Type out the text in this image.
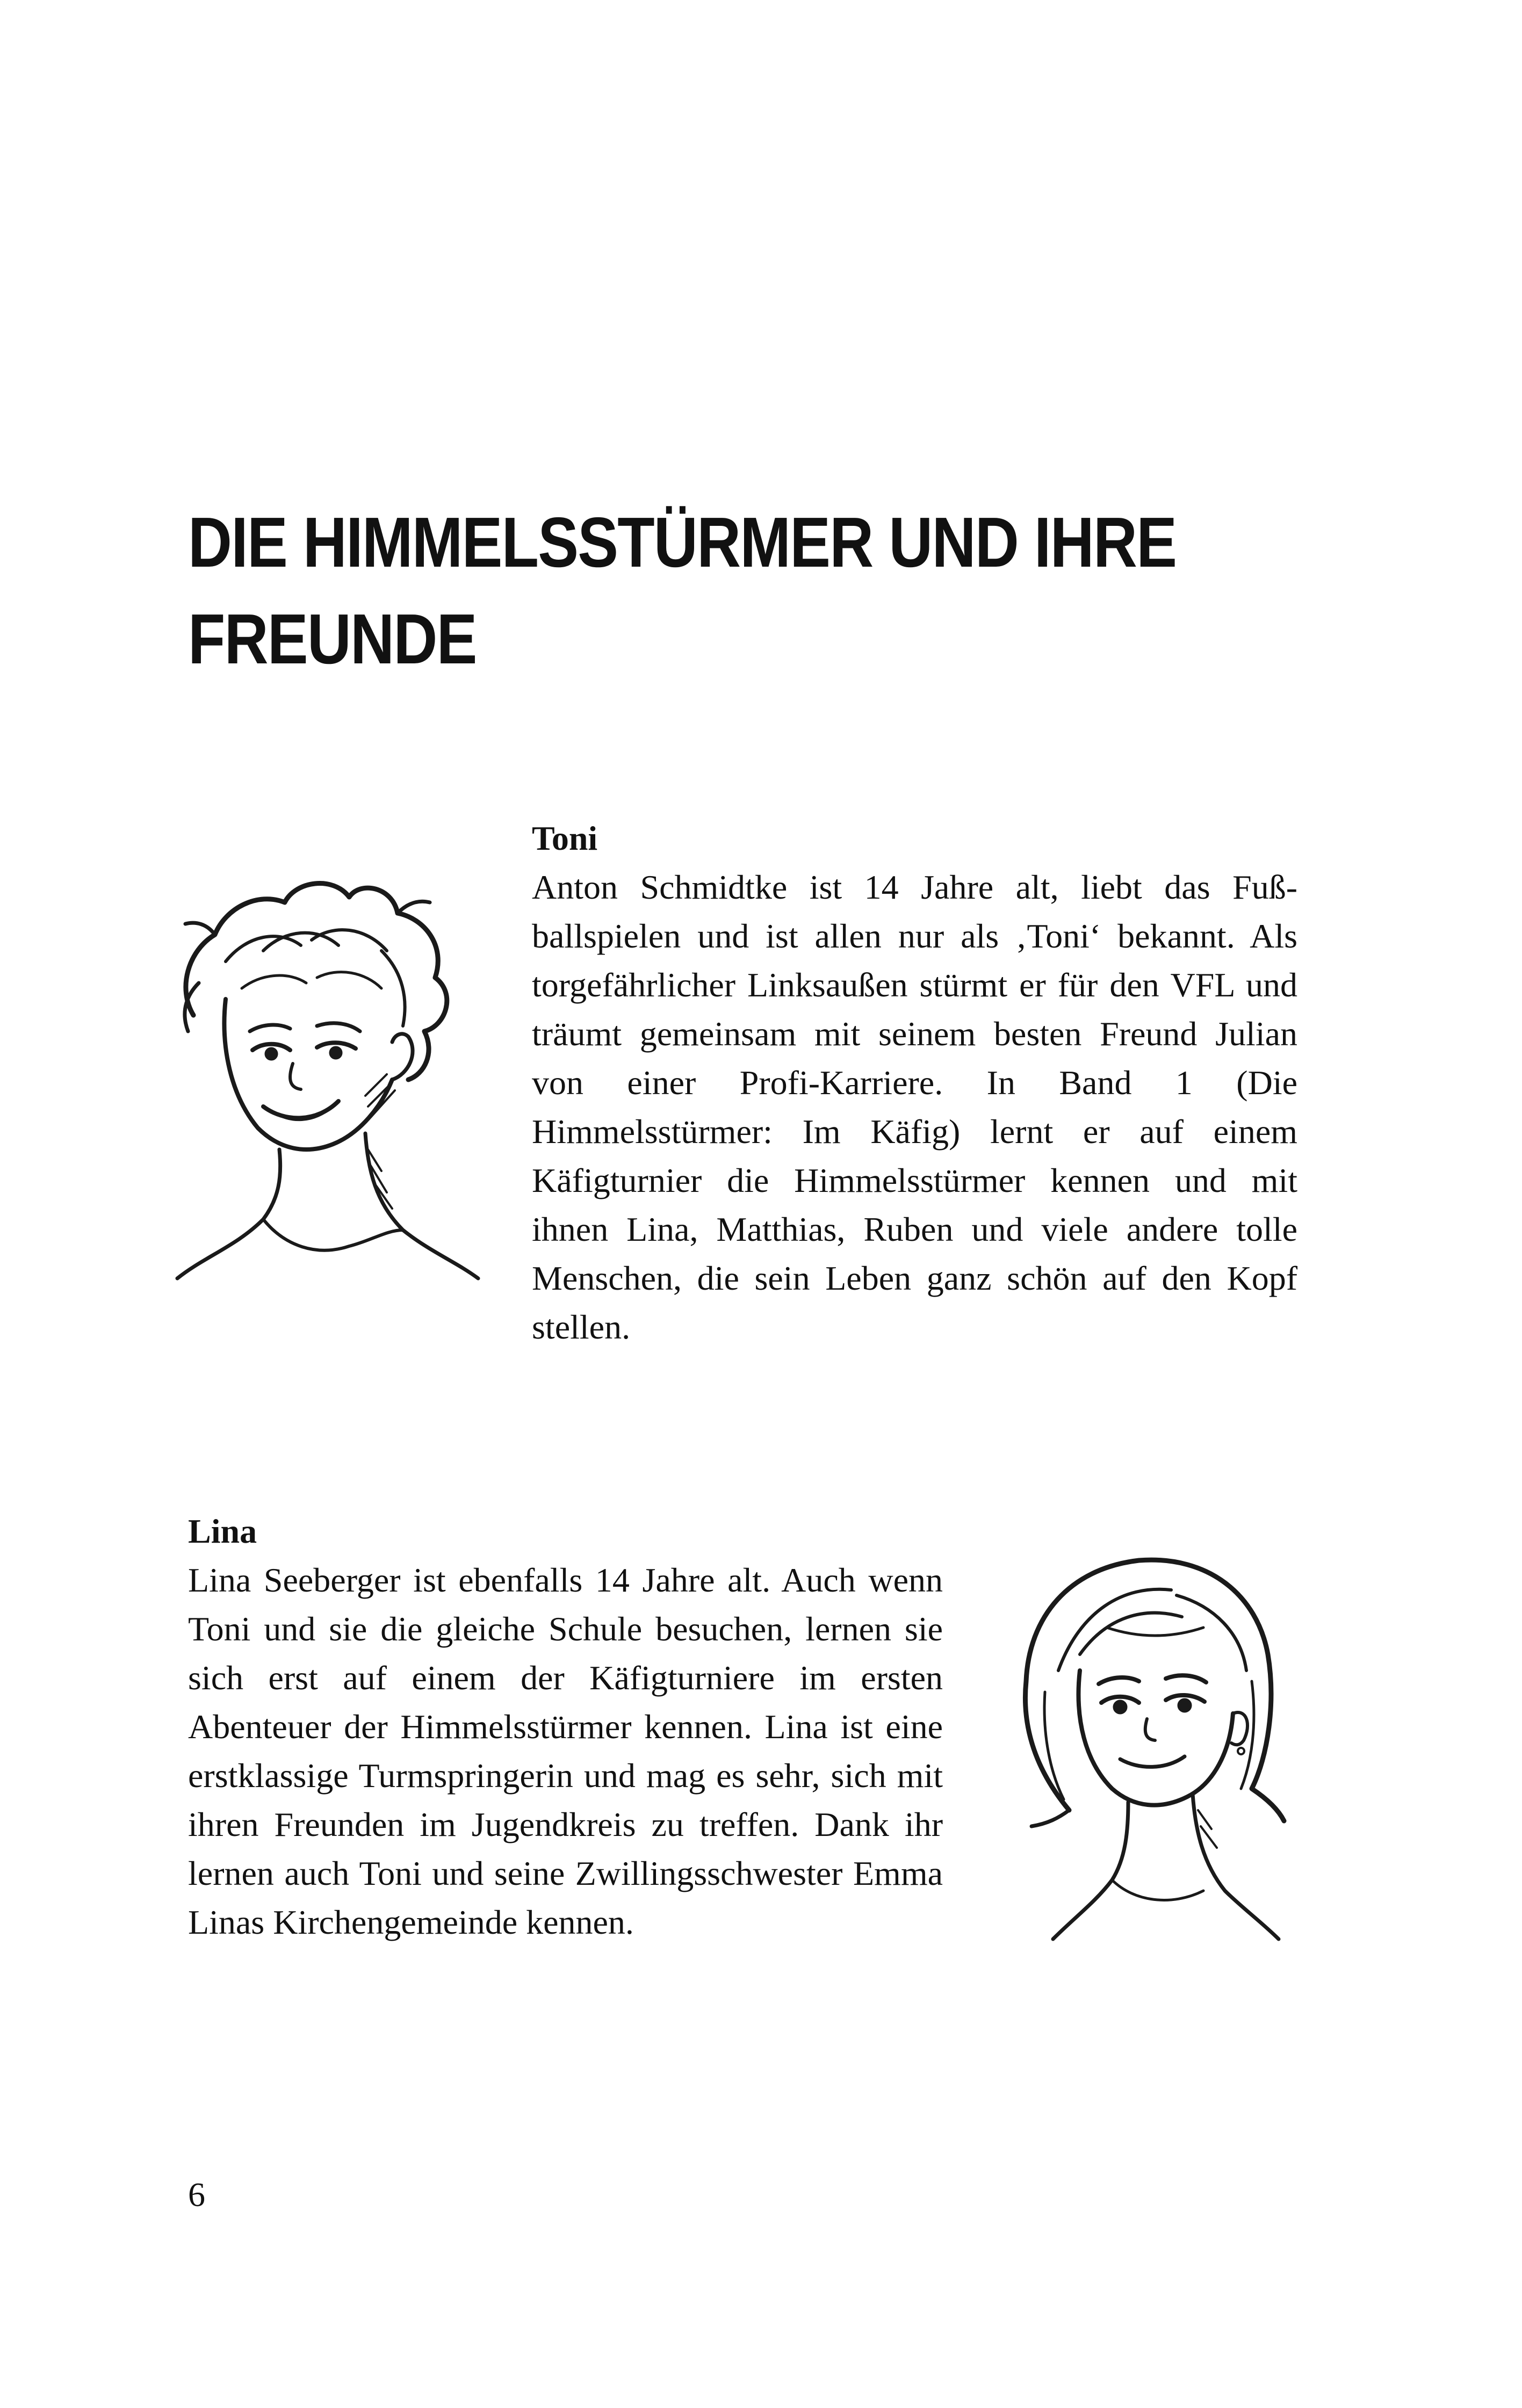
DIE HIMMELSSTÜRMER UND IHRE FREUNDE
Toni

Anton Schmidtke ist 14 Jahre alt, liebt das Fußballspielen und ist allen nur als ‚Toni‘ bekannt. Als torgefährlicher Linksaußen stürmt er für den VFL und träumt gemeinsam mit seinem besten Freund Julian von einer Profi-Karriere. In Band 1 (Die Himmelsstürmer: Im Käfig) lernt er auf einem Käfigturnier die Himmelsstürmer kennen und mit ihnen Lina, Matthias, Ruben und viele andere tolle Menschen, die sein Leben ganz schön auf den Kopf stellen.

Lina

Lina Seeberger ist ebenfalls 14 Jahre alt. Auch wenn Toni und sie die gleiche Schule besuchen, lernen sie sich erst auf einem der Käfigturniere im ersten Abenteuer der Himmelsstürmer kennen. Lina ist eine erstklassige Turmspringerin und mag es sehr, sich mit ihren Freunden im Jugendkreis zu treffen. Dank ihr lernen auch Toni und seine Zwillingsschwester Emma Linas Kirchengemeinde kennen.

6
